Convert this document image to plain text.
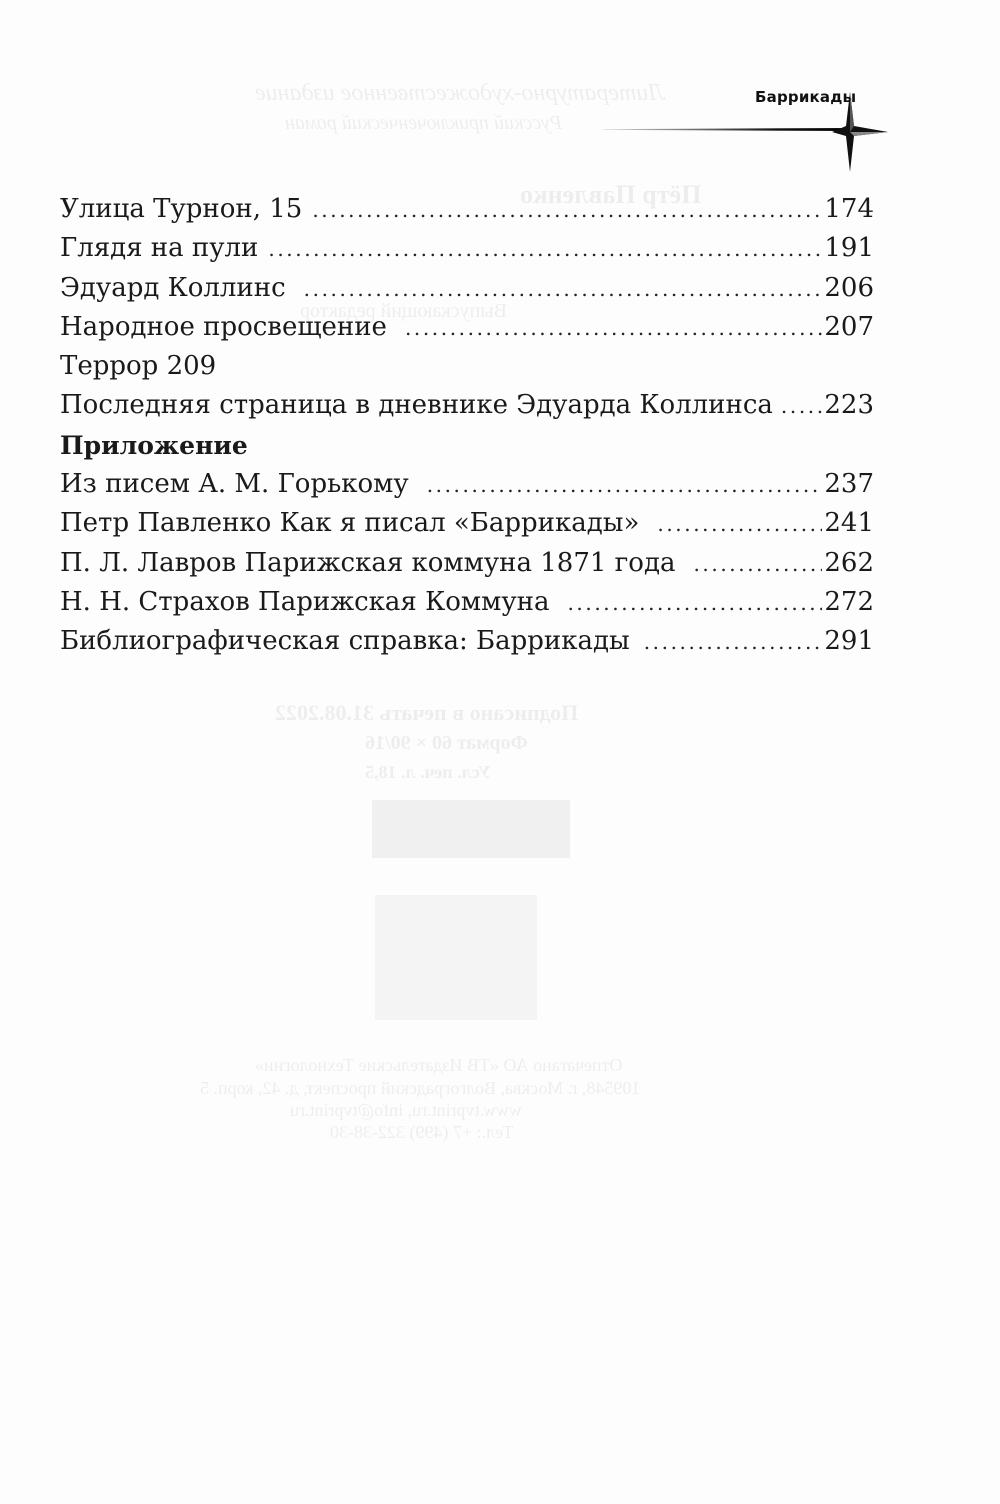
Литературно-художественное издание
Русский приключенческий роман
Пётр Павленко
Выпускающий редактор
Подписано в печать 31.08.2022
Формат 60 × 90/16
Усл. печ. л. 18,5
Отпечатано АО «ТВ Издательские Технологии»
109548, г. Москва, Волгоградский проспект, д. 42, корп. 5
www.tvprint.ru, info@tvprint.ru
Тел.: +7 (499) 322-38-30
Баррикады
Улица Турнон, 15 .....	174
Глядя на пули .....	191
Эдуард Коллинс .....	206
Народное просвещение .....	207
Террор 209
Последняя страница в дневнике Эдуарда Коллинса ..... 223
Приложение
Из писем А. М. Горькому .....	237
Петр Павленко Как я писал «Баррикады» .....	241
П. Л. Лавров Парижская коммуна 1871 года .....	262
Н. Н. Страхов Парижская Коммуна .....	272
Библиографическая справка: Баррикады .....	291
